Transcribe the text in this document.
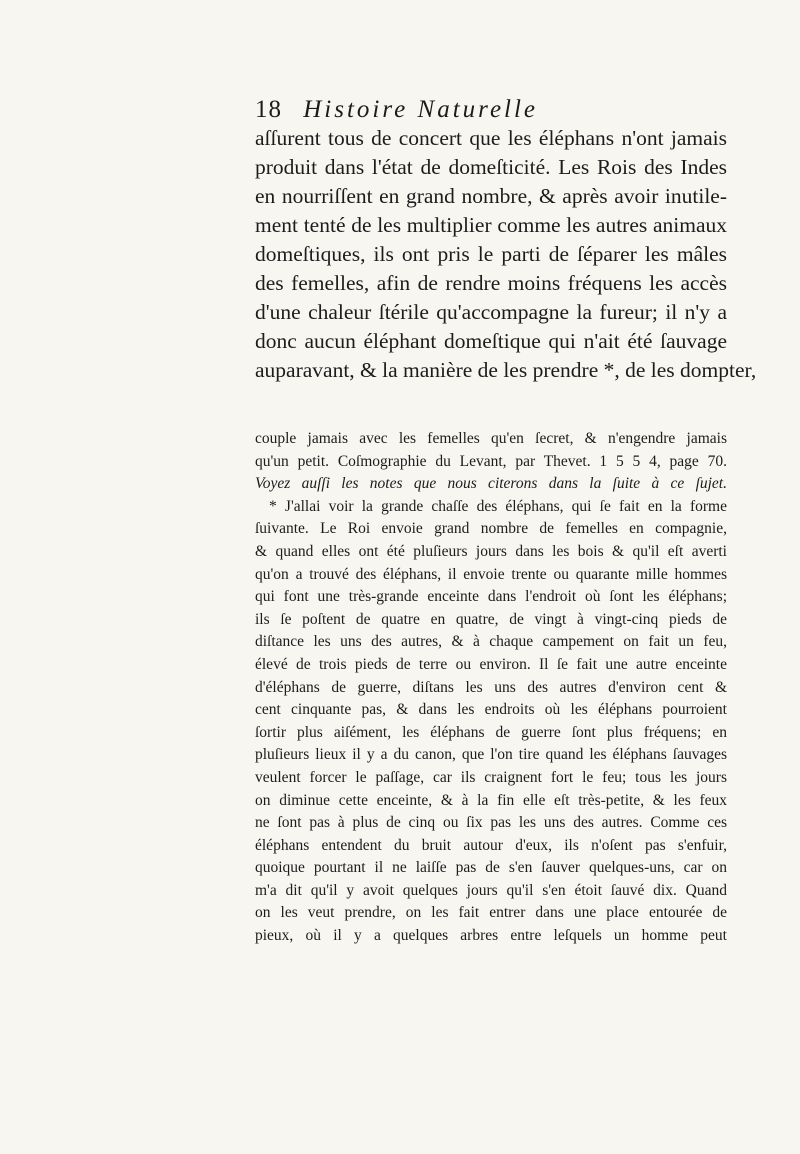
18 Histoire Naturelle
aſſurent tous de concert que les éléphans n'ont jamais
produit dans l'état de domeſticité. Les Rois des Indes
en nourriſſent en grand nombre, & après avoir inutile-
ment tenté de les multiplier comme les autres animaux
domeſtiques, ils ont pris le parti de ſéparer les mâles
des femelles, afin de rendre moins fréquens les accès
d'une chaleur ſtérile qu'accompagne la fureur; il n'y a
donc aucun éléphant domeſtique qui n'ait été ſauvage
auparavant, & la manière de les prendre *, de les dompter,
couple jamais avec les femelles qu'en ſecret, & n'engendre jamais
qu'un petit. Coſmographie du Levant, par Thevet. 1 5 5 4, page 70.
Voyez auſſi les notes que nous citerons dans la ſuite à ce ſujet.
* J'allai voir la grande chaſſe des éléphans, qui ſe fait en la forme
ſuivante. Le Roi envoie grand nombre de femelles en compagnie,
& quand elles ont été pluſieurs jours dans les bois & qu'il eſt averti
qu'on a trouvé des éléphans, il envoie trente ou quarante mille hommes
qui font une très-grande enceinte dans l'endroit où ſont les éléphans;
ils ſe poſtent de quatre en quatre, de vingt à vingt-cinq pieds de
diſtance les uns des autres, & à chaque campement on fait un feu,
élevé de trois pieds de terre ou environ. Il ſe fait une autre enceinte
d'éléphans de guerre, diſtans les uns des autres d'environ cent &
cent cinquante pas, & dans les endroits où les éléphans pourroient
ſortir plus aiſément, les éléphans de guerre ſont plus fréquens; en
pluſieurs lieux il y a du canon, que l'on tire quand les éléphans ſauvages
veulent forcer le paſſage, car ils craignent fort le feu; tous les jours
on diminue cette enceinte, & à la fin elle eſt très-petite, & les feux
ne ſont pas à plus de cinq ou ſix pas les uns des autres. Comme ces
éléphans entendent du bruit autour d'eux, ils n'oſent pas s'enfuir,
quoique pourtant il ne laiſſe pas de s'en ſauver quelques-uns, car on
m'a dit qu'il y avoit quelques jours qu'il s'en étoit ſauvé dix. Quand
on les veut prendre, on les fait entrer dans une place entourée de
pieux, où il y a quelques arbres entre leſquels un homme peut
